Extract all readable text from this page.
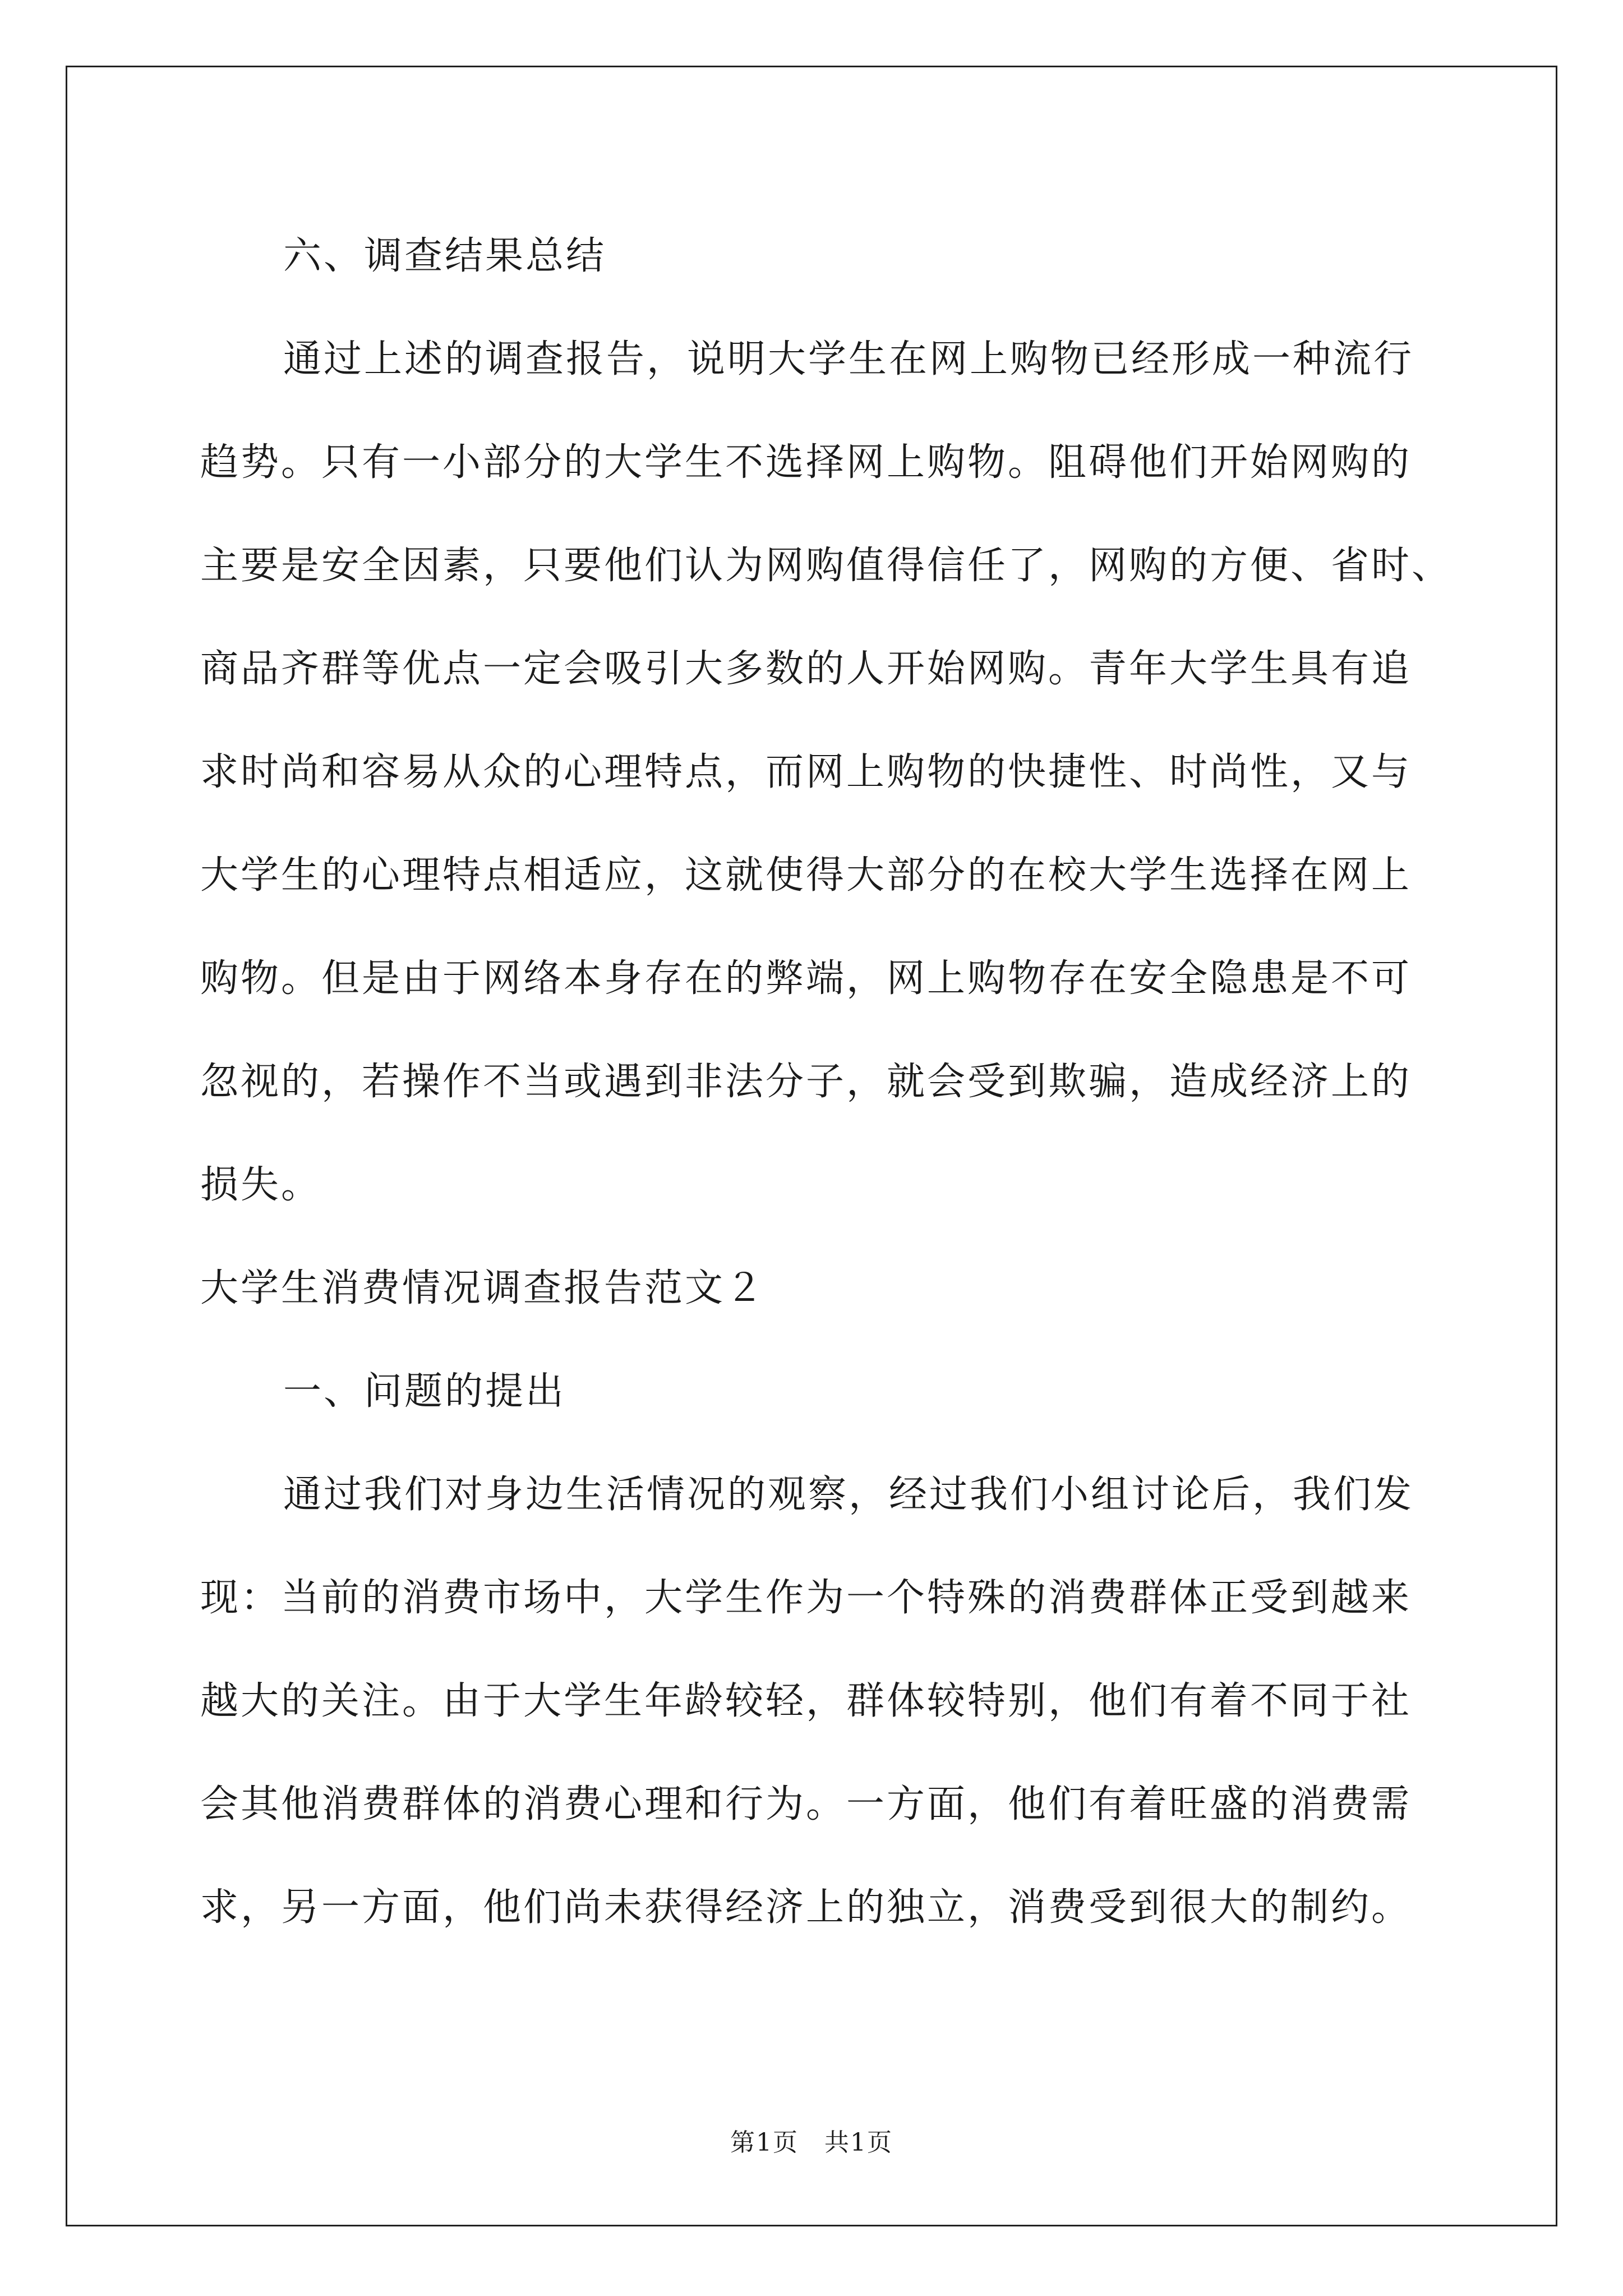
六、调查结果总结

通过上述的调查报告，说明大学生在网上购物已经形成一种流行

趋势。只有一小部分的大学生不选择网上购物。阻碍他们开始网购的

主要是安全因素，只要他们认为网购值得信任了，网购的方便、省时、

商品齐群等优点一定会吸引大多数的人开始网购。青年大学生具有追

求时尚和容易从众的心理特点，而网上购物的快捷性、时尚性，又与

大学生的心理特点相适应，这就使得大部分的在校大学生选择在网上

购物。但是由于网络本身存在的弊端，网上购物存在安全隐患是不可

忽视的，若操作不当或遇到非法分子，就会受到欺骗，造成经济上的

损失。

大学生消费情况调查报告范文２

一、问题的提出

通过我们对身边生活情况的观察，经过我们小组讨论后，我们发

现：当前的消费市场中，大学生作为一个特殊的消费群体正受到越来

越大的关注。由于大学生年龄较轻，群体较特别，他们有着不同于社

会其他消费群体的消费心理和行为。一方面，他们有着旺盛的消费需

求，另一方面，他们尚未获得经济上的独立，消费受到很大的制约。

第1页　共1页
